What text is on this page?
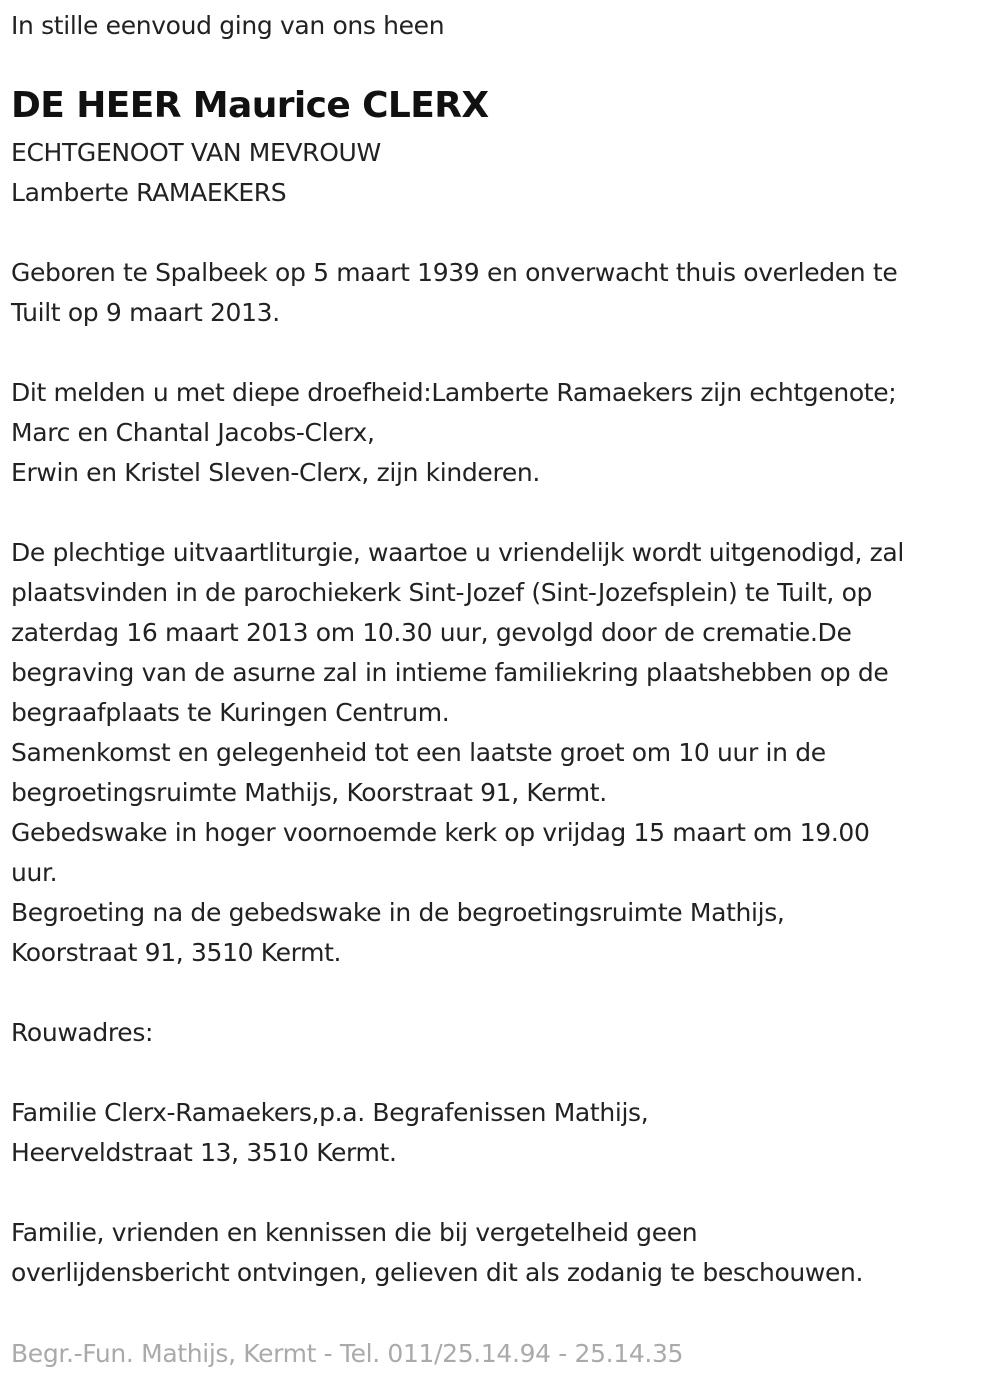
In stille eenvoud ging van ons heen
DE HEER Maurice CLERX
ECHTGENOOT VAN MEVROUW
Lamberte RAMAEKERS
Geboren te Spalbeek op 5 maart 1939 en onverwacht thuis overleden te
Tuilt op 9 maart 2013.
Dit melden u met diepe droefheid:Lamberte Ramaekers zijn echtgenote;
Marc en Chantal Jacobs-Clerx,
Erwin en Kristel Sleven-Clerx, zijn kinderen.
De plechtige uitvaartliturgie, waartoe u vriendelijk wordt uitgenodigd, zal
plaatsvinden in de parochiekerk Sint-Jozef (Sint-Jozefsplein) te Tuilt, op
zaterdag 16 maart 2013 om 10.30 uur, gevolgd door de crematie.De
begraving van de asurne zal in intieme familiekring plaatshebben op de
begraafplaats te Kuringen Centrum.
Samenkomst en gelegenheid tot een laatste groet om 10 uur in de
begroetingsruimte Mathijs, Koorstraat 91, Kermt.
Gebedswake in hoger voornoemde kerk op vrijdag 15 maart om 19.00
uur.
Begroeting na de gebedswake in de begroetingsruimte Mathijs,
Koorstraat 91, 3510 Kermt.
Rouwadres:
Familie Clerx-Ramaekers,p.a. Begrafenissen Mathijs,
Heerveldstraat 13, 3510 Kermt.
Familie, vrienden en kennissen die bij vergetelheid geen
overlijdensbericht ontvingen, gelieven dit als zodanig te beschouwen.
Begr.-Fun. Mathijs, Kermt - Tel. 011/25.14.94 - 25.14.35
